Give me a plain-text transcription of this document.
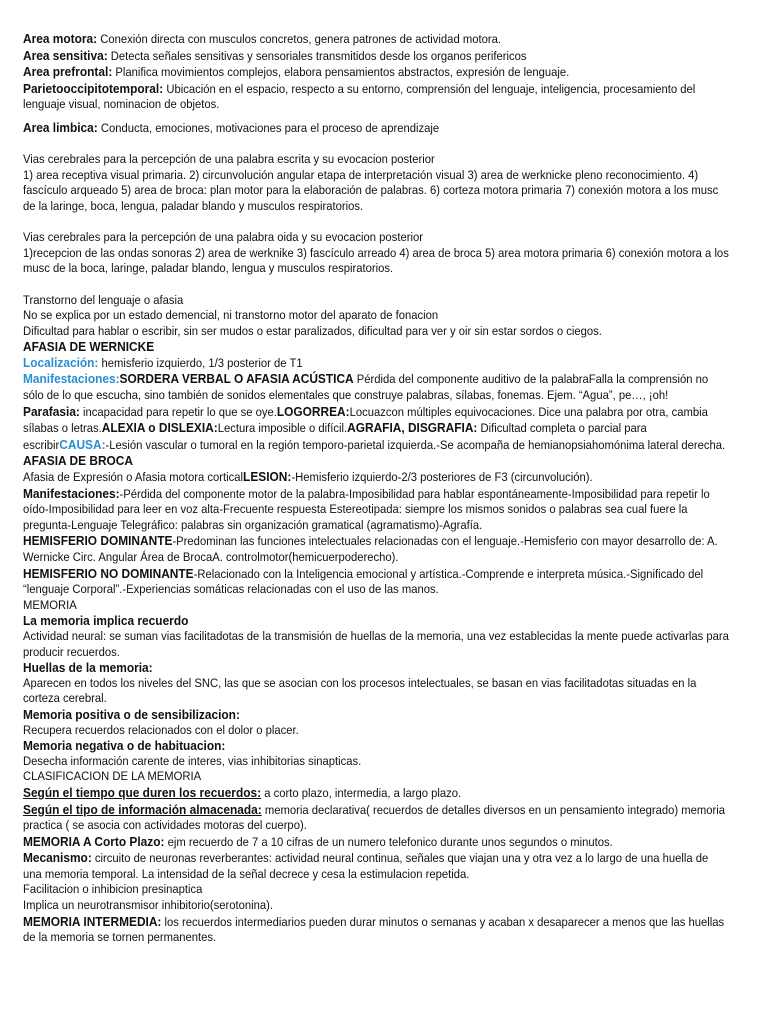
Area motora: Conexión directa con musculos concretos, genera patrones de actividad motora.

Area sensitiva: Detecta señales sensitivas y sensoriales transmitidos desde los organos perifericos

Area prefrontal: Planifica movimientos complejos, elabora pensamientos abstractos, expresión de lenguaje.

Parietooccipitotemporal: Ubicación en el espacio, respecto a su entorno, comprensión del lenguaje, inteligencia, procesamiento del lenguaje visual, nominacion de objetos.

Area limbica: Conducta, emociones, motivaciones para el proceso de aprendizaje

Vias cerebrales para la percepción de una palabra escrita y su evocacion posterior

1) area receptiva visual primaria. 2) circunvolución angular etapa de interpretación visual 3) area de werknicke pleno reconocimiento. 4) fascículo arqueado 5) area de broca: plan motor para la elaboración de palabras. 6) corteza motora primaria 7) conexión motora a los musc de la laringe, boca, lengua, paladar blando y musculos respiratorios.

Vias cerebrales para la percepción de una palabra oida y su evocacion posterior

1)recepcion de las ondas sonoras 2) area de werknike 3) fascículo arreado 4) area de broca 5) area motora primaria 6) conexión motora a los musc de la boca, laringe, paladar blando, lengua y musculos respiratorios.

Transtorno del lenguaje o afasia

No se explica por un estado demencial, ni transtorno motor del aparato de fonacion

Dificultad para hablar o escribir, sin ser mudos o estar paralizados, dificultad para ver y oir sin estar sordos o ciegos.

AFASIA DE WERNICKE

Localización: hemisferio izquierdo, 1/3 posterior de T1

Manifestaciones:SORDERA VERBAL O AFASIA ACÚSTICA Pérdida del componente auditivo de la palabraFalla la comprensión no sólo de lo que escucha, sino también de sonidos elementales que construye palabras, sílabas, fonemas. Ejem. “Agua”, pe…, ¡oh!

Parafasia: incapacidad para repetir lo que se oye.LOGORREA:Locuazcon múltiples equivocaciones. Dice una palabra por otra, cambia sílabas o letras.ALEXIA o DISLEXIA:Lectura imposible o difícil.AGRAFIA, DISGRAFIA: Dificultad completa o parcial para escribirCAUSA:-Lesión vascular o tumoral en la región temporo-parietal izquierda.-Se acompaña de hemianopsiahomónima lateral derecha.

AFASIA DE BROCA

Afasia de Expresión o Afasia motora corticalLESION:-Hemisferio izquierdo-2/3 posteriores de F3 (circunvolución).

Manifestaciones:-Pérdida del componente motor de la palabra-Imposibilidad para hablar espontáneamente-Imposibilidad para repetir lo oído-Imposibilidad para leer en voz alta-Frecuente respuesta Estereotipada: siempre los mismos sonidos o palabras sea cual fuere la pregunta-Lenguaje Telegráfico: palabras sin organización gramatical (agramatismo)-Agrafía.

HEMISFERIO DOMINANTE-Predominan las funciones intelectuales relacionadas con el lenguaje.-Hemisferio con mayor desarrollo de: A. Wernicke Circ. Angular Área de BrocaA. controlmotor(hemicuerpoderecho).

HEMISFERIO NO DOMINANTE-Relacionado con la Inteligencia emocional y artística.-Comprende e interpreta música.-Significado del “lenguaje Corporal”.-Experiencias somáticas relacionadas con el uso de las manos.

MEMORIA

La memoria implica recuerdo

Actividad neural: se suman vias facilitadotas de la transmisión de huellas de la memoria, una vez establecidas la mente puede activarlas para producir recuerdos.

Huellas de la memoria:

Aparecen en todos los niveles del SNC, las que se asocian con los procesos intelectuales, se basan en vias facilitadotas situadas en la corteza cerebral.

Memoria positiva o de sensibilizacion:

Recupera recuerdos relacionados con el dolor o placer.

Memoria negativa o de habituacion:

Desecha información carente de interes, vias inhibitorias sinapticas.

CLASIFICACION DE LA MEMORIA

Según el tiempo que duren los recuerdos: a corto plazo, intermedia, a largo plazo.

Según el tipo de información almacenada: memoria declarativa( recuerdos de detalles diversos en un pensamiento integrado) memoria practica ( se asocia con actividades motoras del cuerpo).

MEMORIA A Corto Plazo: ejm recuerdo de 7 a 10 cifras de un numero telefonico durante unos segundos o minutos.

Mecanismo: circuito de neuronas reverberantes: actividad neural continua, señales que viajan una y otra vez a lo largo de una huella de una memoria temporal. La intensidad de la señal decrece y cesa la estimulacion repetida.

Facilitacion o inhibicion presinaptica

Implica un neurotransmisor inhibitorio(serotonina).

MEMORIA INTERMEDIA: los recuerdos intermediarios pueden durar minutos o semanas y acaban x desaparecer a menos que las huellas de la memoria se tornen permanentes.
